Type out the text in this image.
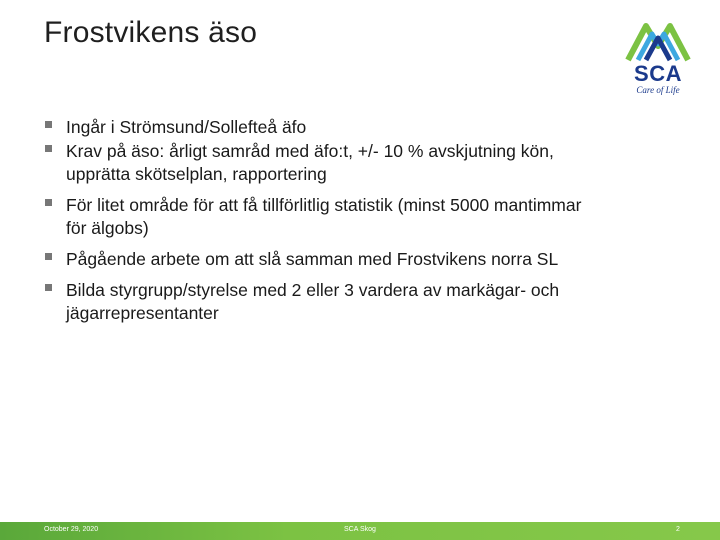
Frostvikens äso
SCA
Care of Life
Ingår i Strömsund/Sollefteå äfo
Krav på äso: årligt samråd med äfo:t, +/- 10 % avskjutning kön, upprätta skötselplan, rapportering
För litet område för att få tillförlitlig statistik (minst 5000 mantimmar för älgobs)
Pågående arbete om att slå samman med Frostvikens norra SL
Bilda styrgrupp/styrelse med 2 eller 3 vardera av markägar- och jägarrepresentanter
October 29, 2020	SCA Skog	2
